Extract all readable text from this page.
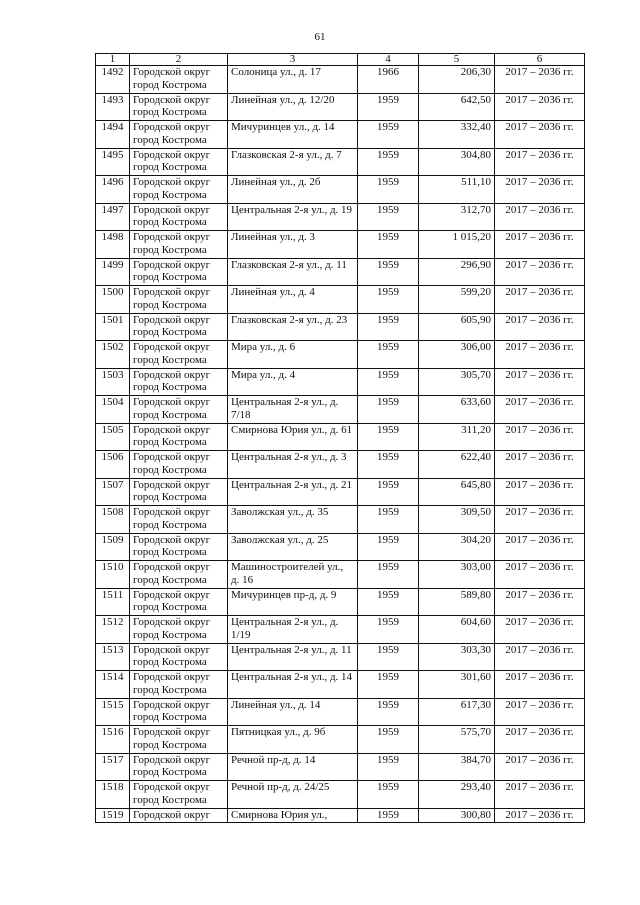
61
1	2	3	4	5	6
1492	Городской округ город Кострома	Солоница ул., д. 17	1966	206,30	2017 – 2036 гг.
1493	Городской округ город Кострома	Линейная ул., д. 12/20	1959	642,50	2017 – 2036 гг.
1494	Городской округ город Кострома	Мичуринцев ул., д. 14	1959	332,40	2017 – 2036 гг.
1495	Городской округ город Кострома	Глазковская 2-я ул., д. 7	1959	304,80	2017 – 2036 гг.
1496	Городской округ город Кострома	Линейная ул., д. 2б	1959	511,10	2017 – 2036 гг.
1497	Городской округ город Кострома	Центральная 2-я ул., д. 19	1959	312,70	2017 – 2036 гг.
1498	Городской округ город Кострома	Линейная ул., д. 3	1959	1 015,20	2017 – 2036 гг.
1499	Городской округ город Кострома	Глазковская 2-я ул., д. 11	1959	296,90	2017 – 2036 гг.
1500	Городской округ город Кострома	Линейная ул., д. 4	1959	599,20	2017 – 2036 гг.
1501	Городской округ город Кострома	Глазковская 2-я ул., д. 23	1959	605,90	2017 – 2036 гг.
1502	Городской округ город Кострома	Мира ул., д. 6	1959	306,00	2017 – 2036 гг.
1503	Городской округ город Кострома	Мира ул., д. 4	1959	305,70	2017 – 2036 гг.
1504	Городской округ город Кострома	Центральная 2-я ул., д. 7/18	1959	633,60	2017 – 2036 гг.
1505	Городской округ город Кострома	Смирнова Юрия ул., д. 61	1959	311,20	2017 – 2036 гг.
1506	Городской округ город Кострома	Центральная 2-я ул., д. 3	1959	622,40	2017 – 2036 гг.
1507	Городской округ город Кострома	Центральная 2-я ул., д. 21	1959	645,80	2017 – 2036 гг.
1508	Городской округ город Кострома	Заволжская ул., д. 35	1959	309,50	2017 – 2036 гг.
1509	Городской округ город Кострома	Заволжская ул., д. 25	1959	304,20	2017 – 2036 гг.
1510	Городской округ город Кострома	Машиностроителей ул., д. 16	1959	303,00	2017 – 2036 гг.
1511	Городской округ город Кострома	Мичуринцев пр-д, д. 9	1959	589,80	2017 – 2036 гг.
1512	Городской округ город Кострома	Центральная 2-я ул., д. 1/19	1959	604,60	2017 – 2036 гг.
1513	Городской округ город Кострома	Центральная 2-я ул., д. 11	1959	303,30	2017 – 2036 гг.
1514	Городской округ город Кострома	Центральная 2-я ул., д. 14	1959	301,60	2017 – 2036 гг.
1515	Городской округ город Кострома	Линейная ул., д. 14	1959	617,30	2017 – 2036 гг.
1516	Городской округ город Кострома	Пятницкая ул., д. 9б	1959	575,70	2017 – 2036 гг.
1517	Городской округ город Кострома	Речной пр-д, д. 14	1959	384,70	2017 – 2036 гг.
1518	Городской округ город Кострома	Речной пр-д, д. 24/25	1959	293,40	2017 – 2036 гг.
1519	Городской округ	Смирнова Юрия ул.,	1959	300,80	2017 – 2036 гг.
